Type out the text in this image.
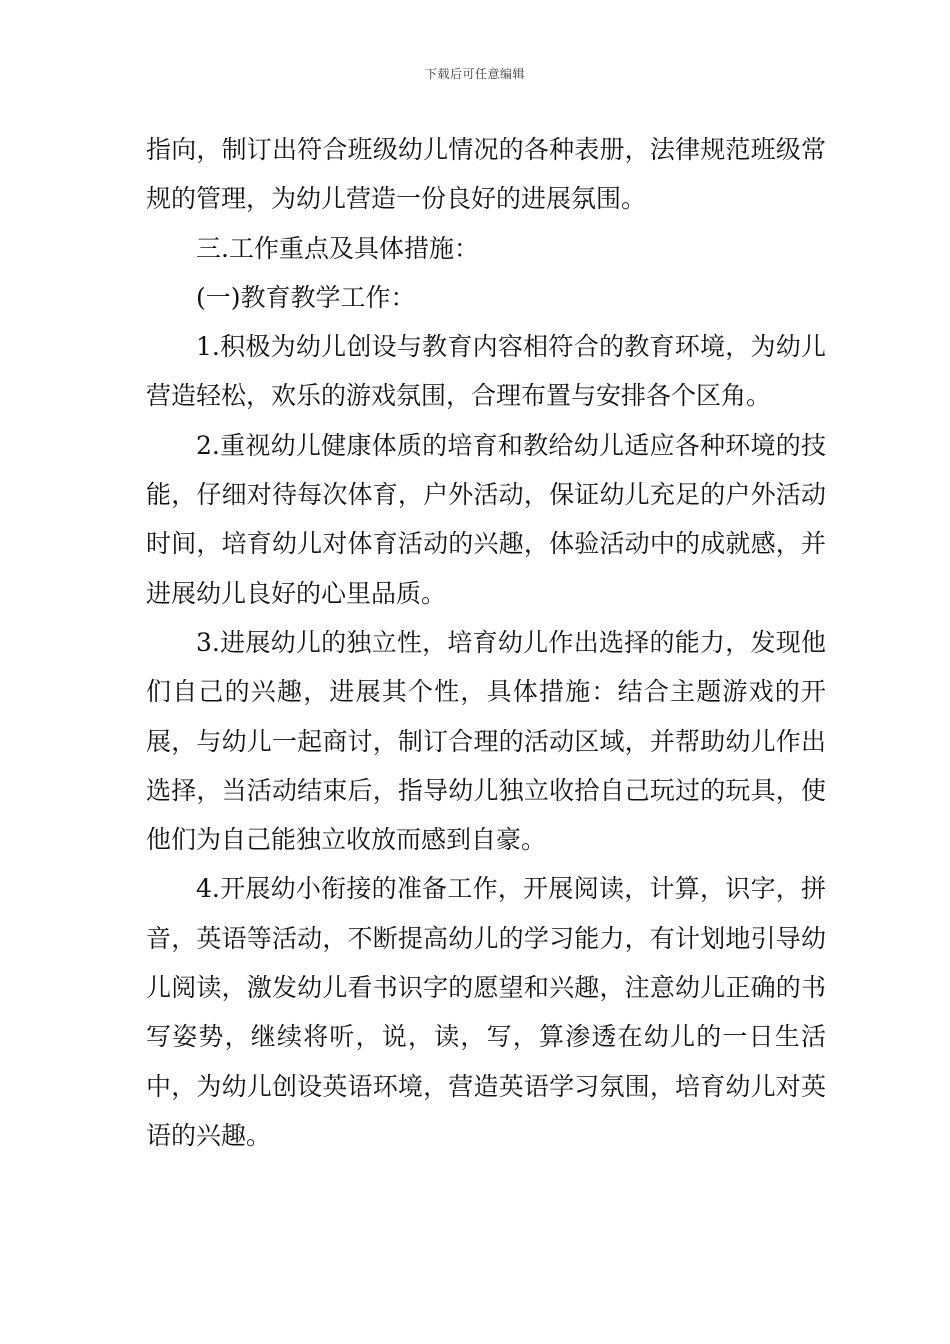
下载后可任意编辑

指向，制订出符合班级幼儿情况的各种表册，法律规范班级常规的管理，为幼儿营造一份良好的进展氛围。

三.工作重点及具体措施：

(一)教育教学工作：

1.积极为幼儿创设与教育内容相符合的教育环境，为幼儿营造轻松，欢乐的游戏氛围，合理布置与安排各个区角。

2.重视幼儿健康体质的培育和教给幼儿适应各种环境的技能，仔细对待每次体育，户外活动，保证幼儿充足的户外活动时间，培育幼儿对体育活动的兴趣，体验活动中的成就感，并进展幼儿良好的心里品质。

3.进展幼儿的独立性，培育幼儿作出选择的能力，发现他们自己的兴趣，进展其个性，具体措施：结合主题游戏的开展，与幼儿一起商讨，制订合理的活动区域，并帮助幼儿作出选择，当活动结束后，指导幼儿独立收拾自己玩过的玩具，使他们为自己能独立收放而感到自豪。

4.开展幼小衔接的准备工作，开展阅读，计算，识字，拼音，英语等活动，不断提高幼儿的学习能力，有计划地引导幼儿阅读，激发幼儿看书识字的愿望和兴趣，注意幼儿正确的书写姿势，继续将听，说，读，写，算渗透在幼儿的一日生活中，为幼儿创设英语环境，营造英语学习氛围，培育幼儿对英语的兴趣。
